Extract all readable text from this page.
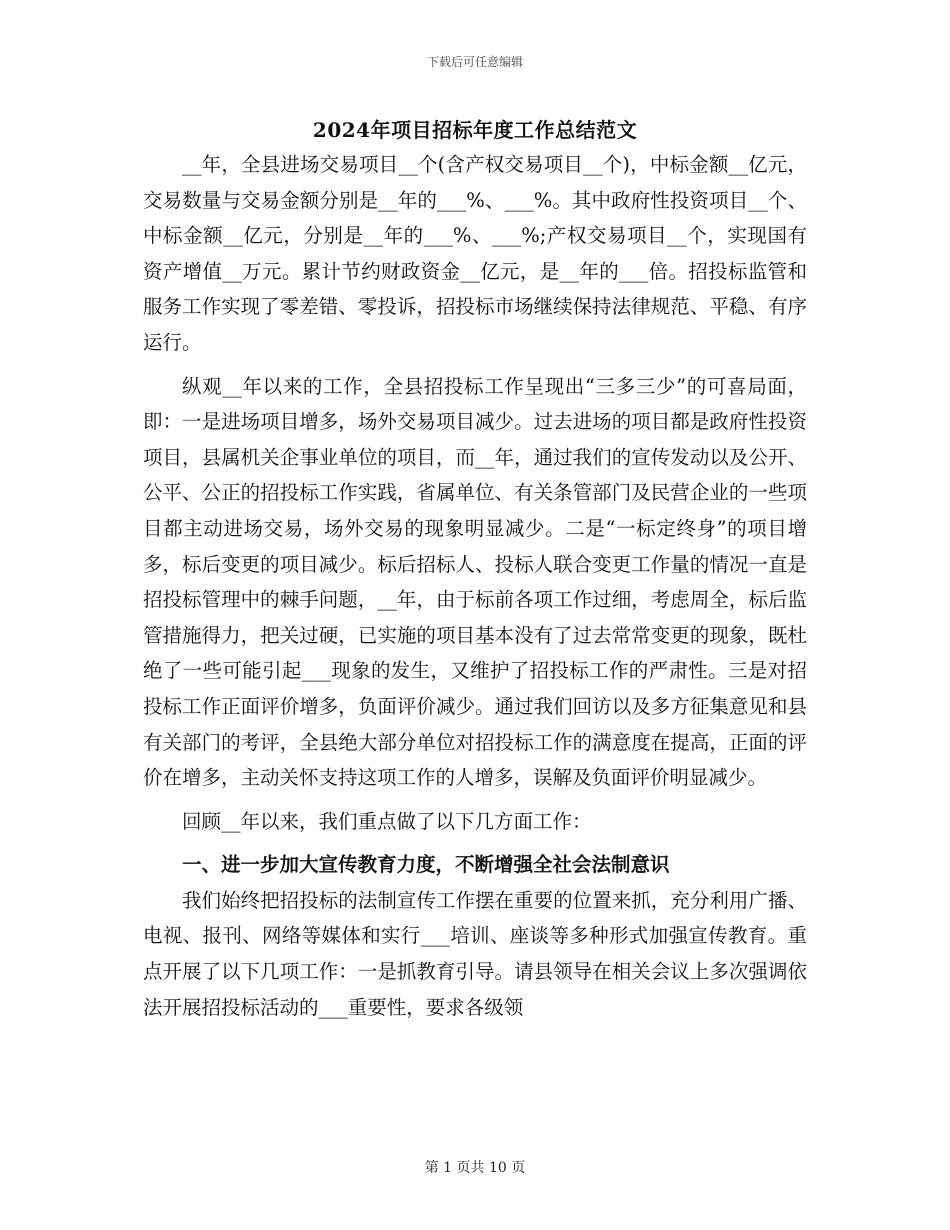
下载后可任意编辑
2024年项目招标年度工作总结范文

__年，全县进场交易项目__个(含产权交易项目__个)，中标金额__亿元，交易数量与交易金额分别是__年的___%、___%。其中政府性投资项目__个、中标金额__亿元，分别是__年的___%、___%;产权交易项目__个，实现国有资产增值__万元。累计节约财政资金__亿元，是__年的___倍。招投标监管和服务工作实现了零差错、零投诉，招投标市场继续保持法律规范、平稳、有序运行。

纵观__年以来的工作，全县招投标工作呈现出“三多三少”的可喜局面，即：一是进场项目增多，场外交易项目减少。过去进场的项目都是政府性投资项目，县属机关企事业单位的项目，而__年，通过我们的宣传发动以及公开、公平、公正的招投标工作实践，省属单位、有关条管部门及民营企业的一些项目都主动进场交易，场外交易的现象明显减少。二是“一标定终身”的项目增多，标后变更的项目减少。标后招标人、投标人联合变更工作量的情况一直是招投标管理中的棘手问题，__年，由于标前各项工作过细，考虑周全，标后监管措施得力，把关过硬，已实施的项目基本没有了过去常常变更的现象，既杜绝了一些可能引起___现象的发生，又维护了招投标工作的严肃性。三是对招投标工作正面评价增多，负面评价减少。通过我们回访以及多方征集意见和县有关部门的考评，全县绝大部分单位对招投标工作的满意度在提高，正面的评价在增多，主动关怀支持这项工作的人增多，误解及负面评价明显减少。

回顾__年以来，我们重点做了以下几方面工作：

一、进一步加大宣传教育力度，不断增强全社会法制意识

我们始终把招投标的法制宣传工作摆在重要的位置来抓，充分利用广播、电视、报刊、网络等媒体和实行___培训、座谈等多种形式加强宣传教育。重点开展了以下几项工作：一是抓教育引导。请县领导在相关会议上多次强调依法开展招投标活动的___重要性，要求各级领

第 1 页共 10 页
